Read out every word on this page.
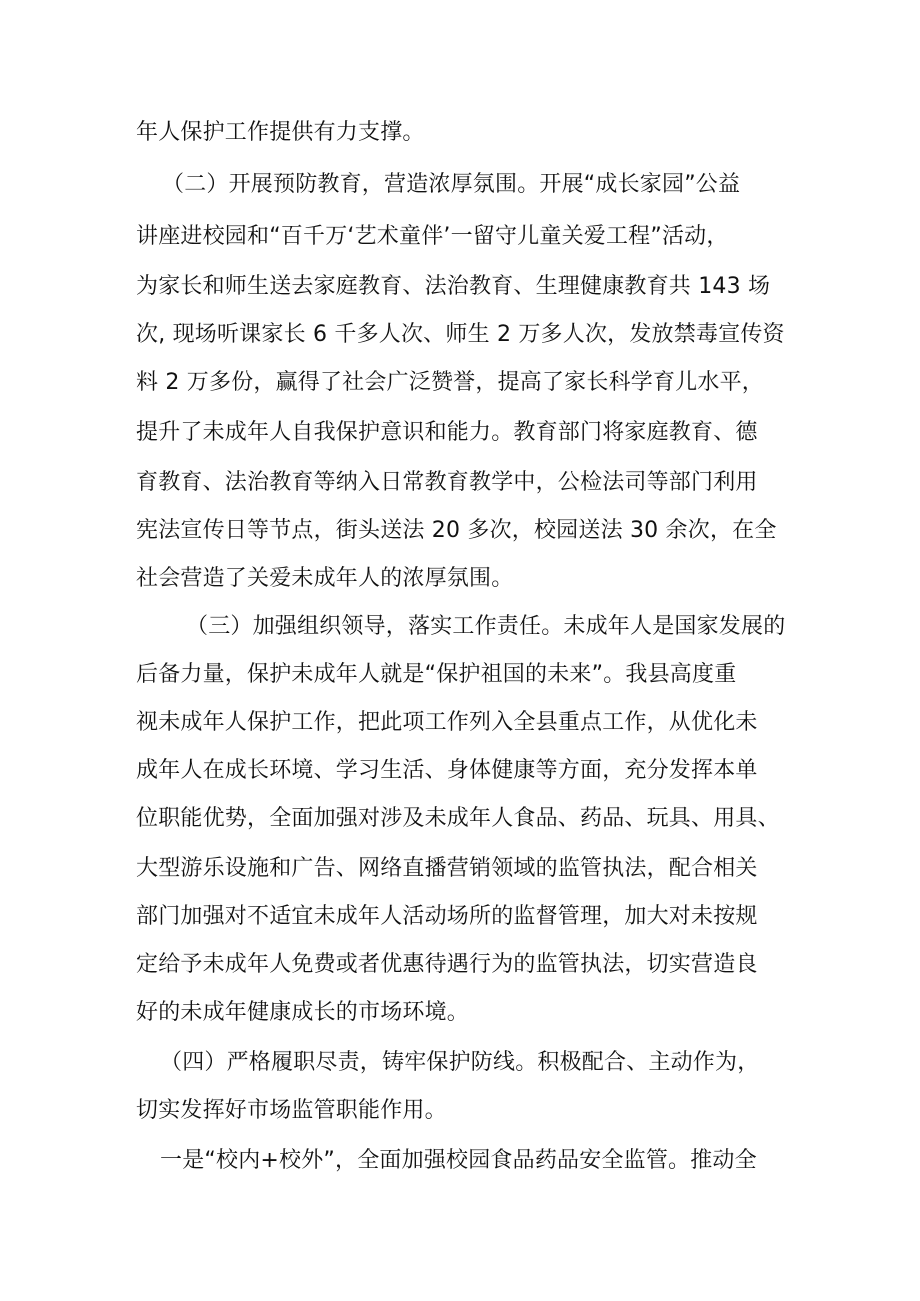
年人保护工作提供有力支撑。
（二）开展预防教育，营造浓厚氛围。开展“成长家园”公益
讲座进校园和“百千万‘艺术童伴’一留守儿童关爱工程”活动，
为家长和师生送去家庭教育、法治教育、生理健康教育共 143 场
次, 现场听课家长 6 千多人次、师生 2 万多人次，发放禁毒宣传资
料 2 万多份，赢得了社会广泛赞誉，提高了家长科学育儿水平，
提升了未成年人自我保护意识和能力。教育部门将家庭教育、德
育教育、法治教育等纳入日常教育教学中，公检法司等部门利用
宪法宣传日等节点，街头送法 20 多次，校园送法 30 余次，在全
社会营造了关爱未成年人的浓厚氛围。
（三）加强组织领导，落实工作责任。未成年人是国家发展的
后备力量，保护未成年人就是“保护祖国的未来”。我县高度重
视未成年人保护工作，把此项工作列入全县重点工作，从优化未
成年人在成长环境、学习生活、身体健康等方面，充分发挥本单
位职能优势，全面加强对涉及未成年人食品、药品、玩具、用具、
大型游乐设施和广告、网络直播营销领域的监管执法，配合相关
部门加强对不适宜未成年人活动场所的监督管理，加大对未按规
定给予未成年人免费或者优惠待遇行为的监管执法，切实营造良
好的未成年健康成长的市场环境。
（四）严格履职尽责，铸牢保护防线。积极配合、主动作为，
切实发挥好市场监管职能作用。
一是“校内+校外”，全面加强校园食品药品安全监管。推动全
